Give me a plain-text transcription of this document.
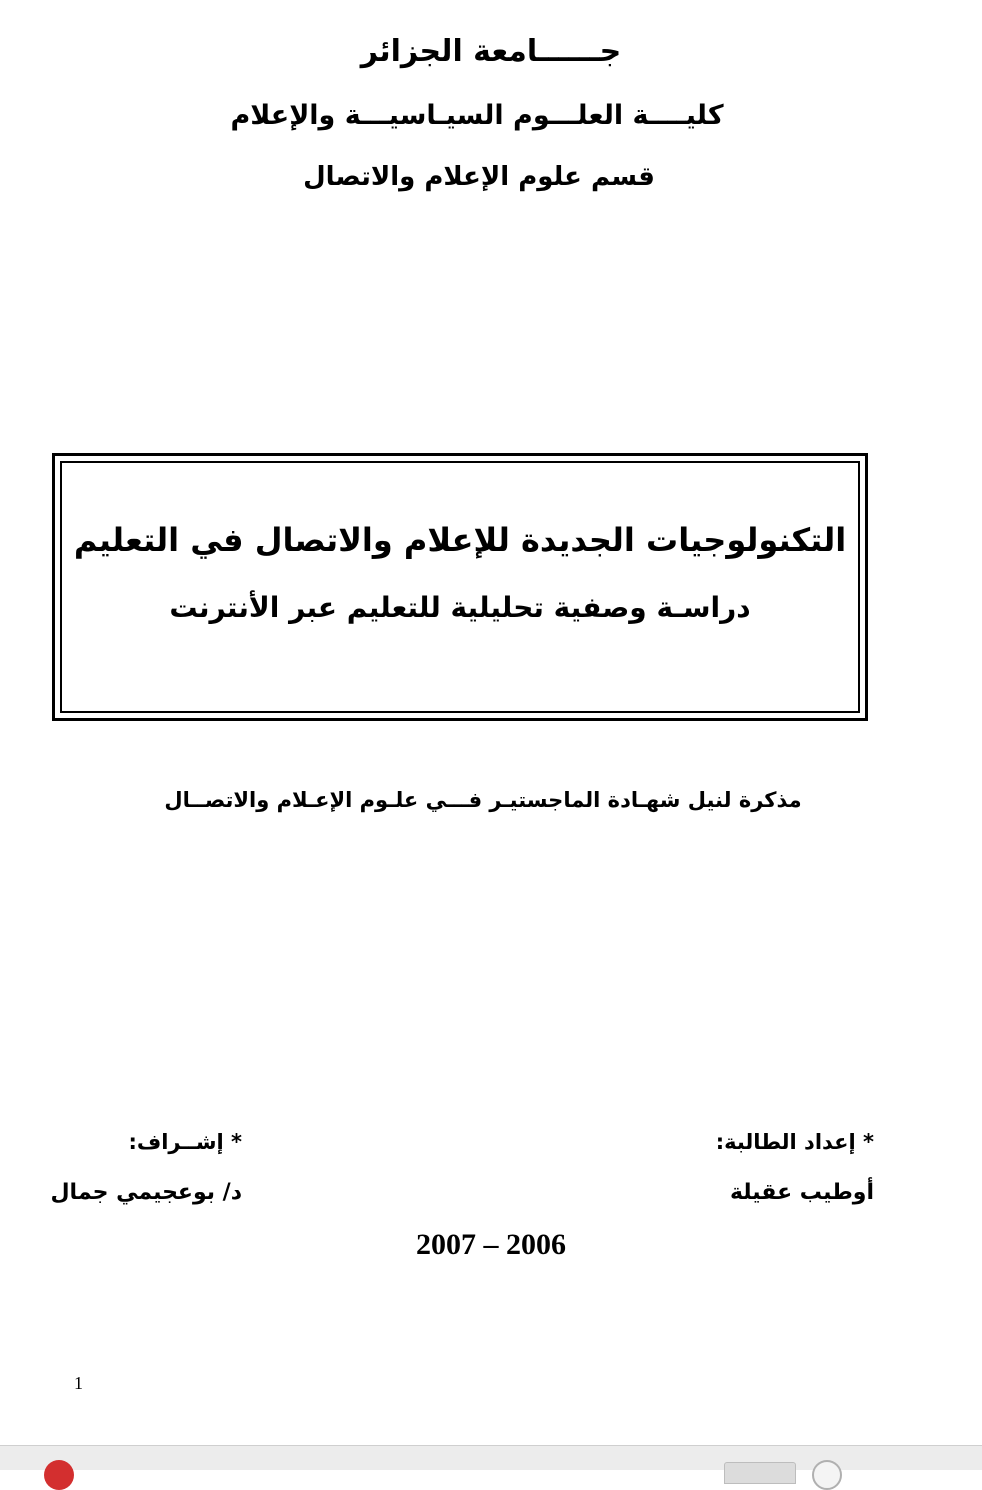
جــــــامعة الجزائر
كليــــة العلـــوم السيـاسيـــة والإعلام
قسم علوم الإعلام والاتصال
التكنولوجيات الجديدة للإعلام والاتصال في التعليم
دراسـة وصفية تحليلية للتعليم عبر الأنترنت
مذكرة لنيل شهـادة الماجستيـر فـــي علـوم الإعـلام والاتصــال
* إعداد الطالبة:
أوطيب عقيلة
* إشــراف:
د/ بوعجيمي جمال
2007 – 2006
1
